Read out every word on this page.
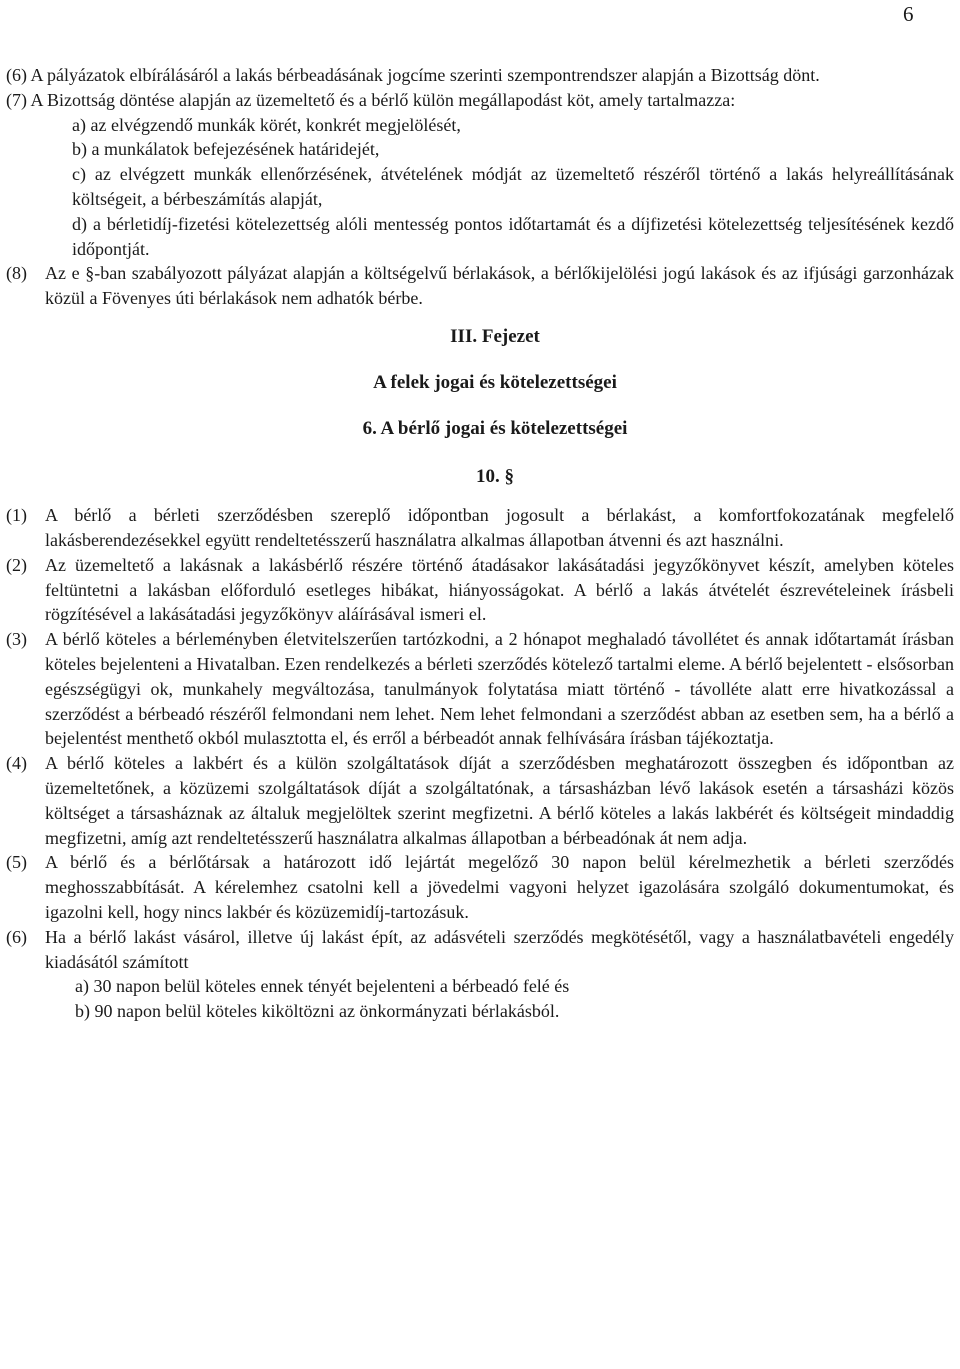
6
(6) A pályázatok elbírálásáról a lakás bérbeadásának jogcíme szerinti szempontrendszer alapján a Bizottság dönt.
(7) A Bizottság döntése alapján az üzemeltető és a bérlő külön megállapodást köt, amely tartalmazza:
a) az elvégzendő munkák körét, konkrét megjelölését,
b) a munkálatok befejezésének határidejét,
c) az elvégzett munkák ellenőrzésének, átvételének módját az üzemeltető részéről történő a lakás helyreállításának költségeit, a bérbeszámítás alapját,
d) a bérletidíj-fizetési kötelezettség alóli mentesség pontos időtartamát és a díjfizetési kötelezettség teljesítésének kezdő időpontját.
(8)	Az e §-ban szabályozott pályázat alapján a költségelvű bérlakások, a bérlőkijelölési jogú lakások és az ifjúsági garzonházak közül a Fövenyes úti bérlakások nem adhatók bérbe.
III. Fejezet
A felek jogai és kötelezettségei
6. A bérlő jogai és kötelezettségei
10. §
(1)	A bérlő a bérleti szerződésben szereplő időpontban jogosult a bérlakást, a komfortfokozatának megfelelő lakásberendezésekkel együtt rendeltetésszerű használatra alkalmas állapotban átvenni és azt használni.
(2)	Az üzemeltető a lakásnak a lakásbérlő részére történő átadásakor lakásátadási jegyzőkönyvet készít, amelyben köteles feltüntetni a lakásban előforduló esetleges hibákat, hiányosságokat. A bérlő a lakás átvételét észrevételeinek írásbeli rögzítésével a lakásátadási jegyzőkönyv aláírásával ismeri el.
(3)	A bérlő köteles a bérleményben életvitelszerűen tartózkodni, a 2 hónapot meghaladó távollétet és annak időtartamát írásban köteles bejelenteni a Hivatalban. Ezen rendelkezés a bérleti szerződés kötelező tartalmi eleme. A bérlő bejelentett - elsősorban egészségügyi ok, munkahely megváltozása, tanulmányok folytatása miatt történő - távolléte alatt erre hivatkozással a szerződést a bérbeadó részéről felmondani nem lehet. Nem lehet felmondani a szerződést abban az esetben sem, ha a bérlő a bejelentést menthető okból mulasztotta el, és erről a bérbeadót annak felhívására írásban tájékoztatja.
(4)	A bérlő köteles a lakbért és a külön szolgáltatások díját a szerződésben meghatározott összegben és időpontban az üzemeltetőnek, a közüzemi szolgáltatások díját a szolgáltatónak, a társasházban lévő lakások esetén a társasházi közös költséget a társasháznak az általuk megjelöltek szerint megfizetni. A bérlő köteles a lakás lakbérét és költségeit mindaddig megfizetni, amíg azt rendeltetésszerű használatra alkalmas állapotban a bérbeadónak át nem adja.
(5)	A bérlő és a bérlőtársak a határozott idő lejártát megelőző 30 napon belül kérelmezhetik a bérleti szerződés meghosszabbítását. A kérelemhez csatolni kell a jövedelmi vagyoni helyzet igazolására szolgáló dokumentumokat, és igazolni kell, hogy nincs lakbér és közüzemidíj-tartozásuk.
(6)	Ha a bérlő lakást vásárol, illetve új lakást épít, az adásvételi szerződés megkötésétől, vagy a használatbavételi engedély kiadásától számított
a) 30 napon belül köteles ennek tényét bejelenteni a bérbeadó felé és
b) 90 napon belül köteles kiköltözni az önkormányzati bérlakásból.
